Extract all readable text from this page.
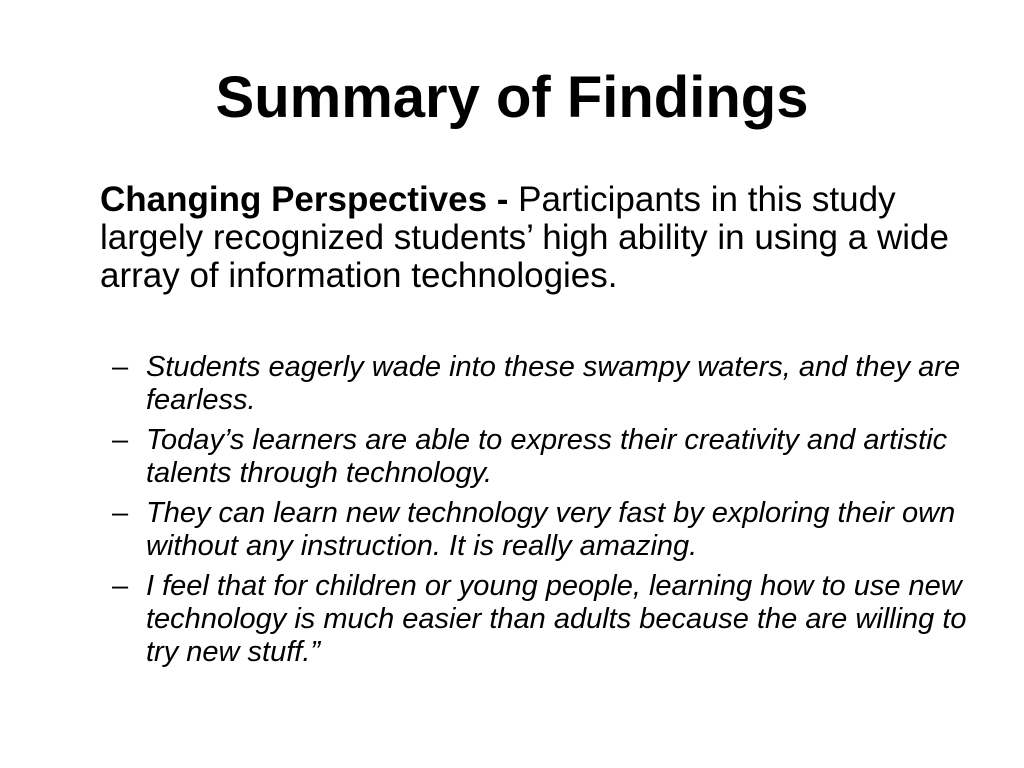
Summary of Findings

Changing Perspectives - Participants in this study largely recognized students’ high ability in using a wide array of information technologies.

– Students eagerly wade into these swampy waters, and they are fearless.
– Today’s learners are able to express their creativity and artistic talents through technology.
– They can learn new technology very fast by exploring their own without any instruction. It is really amazing.
– I feel that for children or young people, learning how to use new technology is much easier than adults because the are willing to try new stuff.”
